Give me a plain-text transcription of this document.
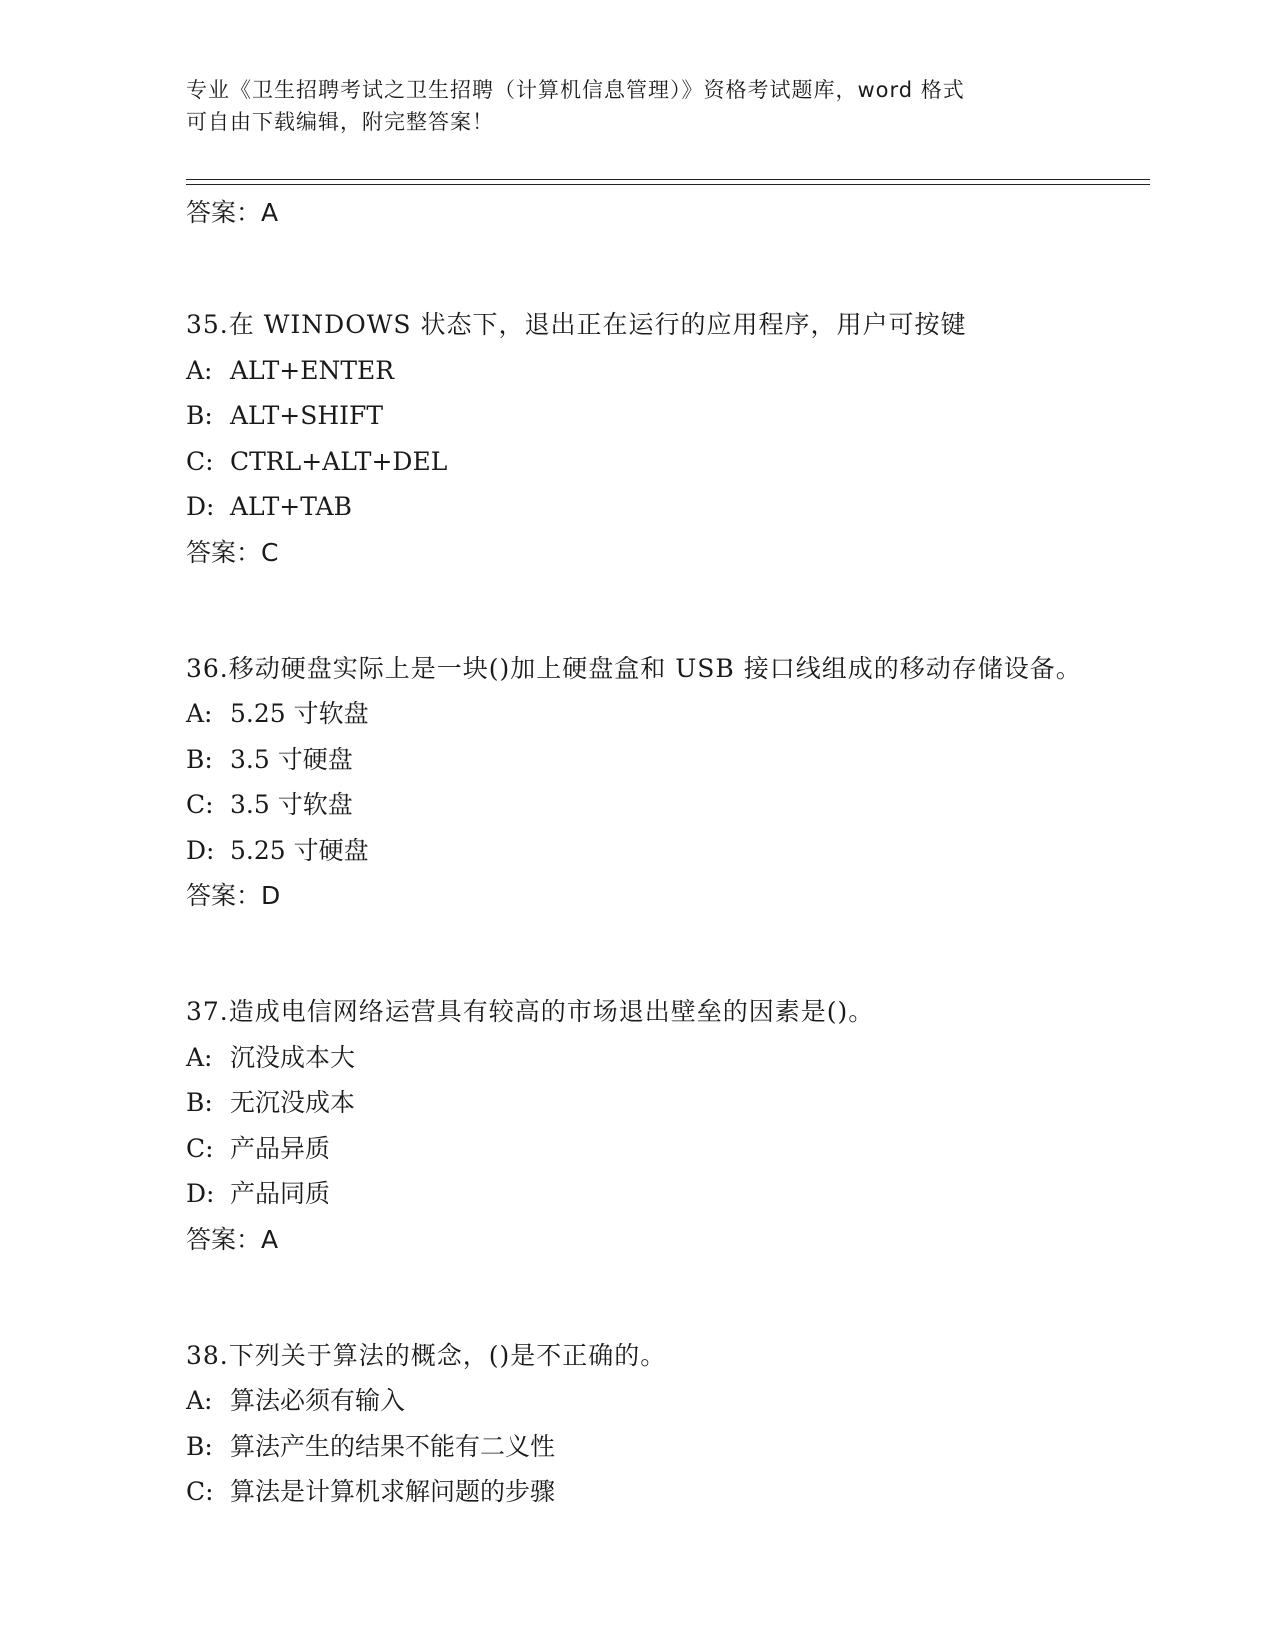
专业《卫生招聘考试之卫生招聘（计算机信息管理）》资格考试题库，word 格式
可自由下载编辑，附完整答案！
答案：A
35.在 WINDOWS 状态下，退出正在运行的应用程序，用户可按键
A: ALT+ENTER
B: ALT+SHIFT
C: CTRL+ALT+DEL
D: ALT+TAB
答案：C
36.移动硬盘实际上是一块()加上硬盘盒和 USB 接口线组成的移动存储设备。
A: 5.25 寸软盘
B: 3.5 寸硬盘
C: 3.5 寸软盘
D: 5.25 寸硬盘
答案：D
37.造成电信网络运营具有较高的市场退出壁垒的因素是()。
A: 沉没成本大
B: 无沉没成本
C: 产品异质
D: 产品同质
答案：A
38.下列关于算法的概念，()是不正确的。
A: 算法必须有输入
B: 算法产生的结果不能有二义性
C: 算法是计算机求解问题的步骤
